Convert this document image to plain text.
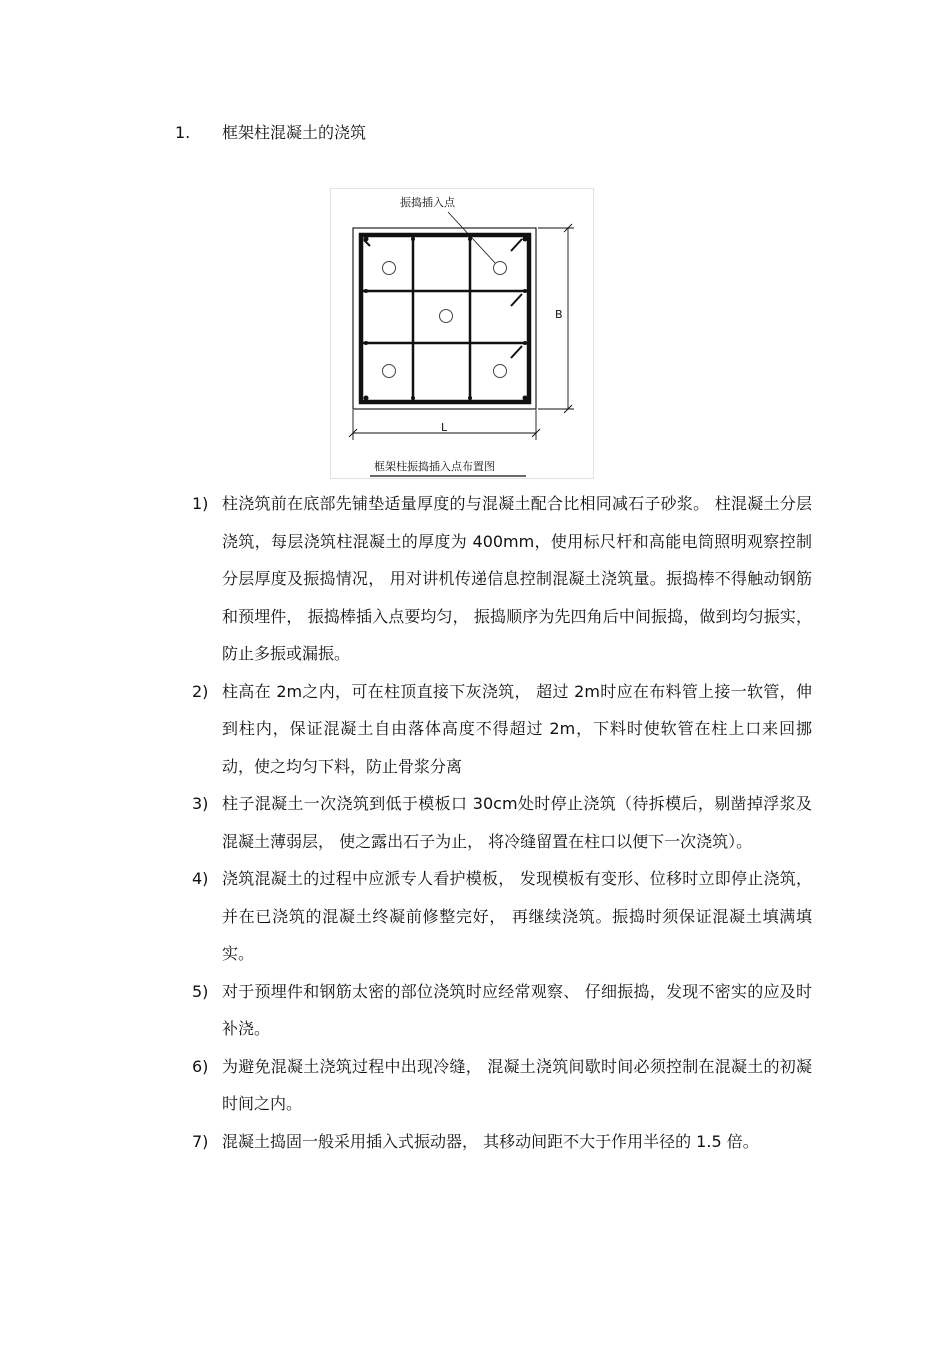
1. 框架柱混凝土的浇筑
振捣插入点
B
L
框架柱振捣插入点布置图
1) 柱浇筑前在底部先铺垫适量厚度的与混凝土配合比相同减石子砂浆。 柱混凝土分层浇筑，每层浇筑柱混凝土的厚度为 400mm，使用标尺杆和高能电筒照明观察控制分层厚度及振捣情况， 用对讲机传递信息控制混凝土浇筑量。振捣棒不得触动钢筋和预埋件， 振捣棒插入点要均匀， 振捣顺序为先四角后中间振捣，做到均匀振实，防止多振或漏振。
2) 柱高在 2m之内，可在柱顶直接下灰浇筑， 超过 2m时应在布料管上接一软管，伸到柱内，保证混凝土自由落体高度不得超过 2m，下料时使软管在柱上口来回挪动，使之均匀下料，防止骨浆分离
3) 柱子混凝土一次浇筑到低于模板口 30cm处时停止浇筑（待拆模后，剔凿掉浮浆及混凝土薄弱层， 使之露出石子为止， 将冷缝留置在柱口以便下一次浇筑）。
4) 浇筑混凝土的过程中应派专人看护模板， 发现模板有变形、位移时立即停止浇筑，并在已浇筑的混凝土终凝前修整完好， 再继续浇筑。振捣时须保证混凝土填满填实。
5) 对于预埋件和钢筋太密的部位浇筑时应经常观察、 仔细振捣，发现不密实的应及时补浇。
6) 为避免混凝土浇筑过程中出现冷缝， 混凝土浇筑间歇时间必须控制在混凝土的初凝时间之内。
7) 混凝土捣固一般采用插入式振动器， 其移动间距不大于作用半径的 1.5 倍。
